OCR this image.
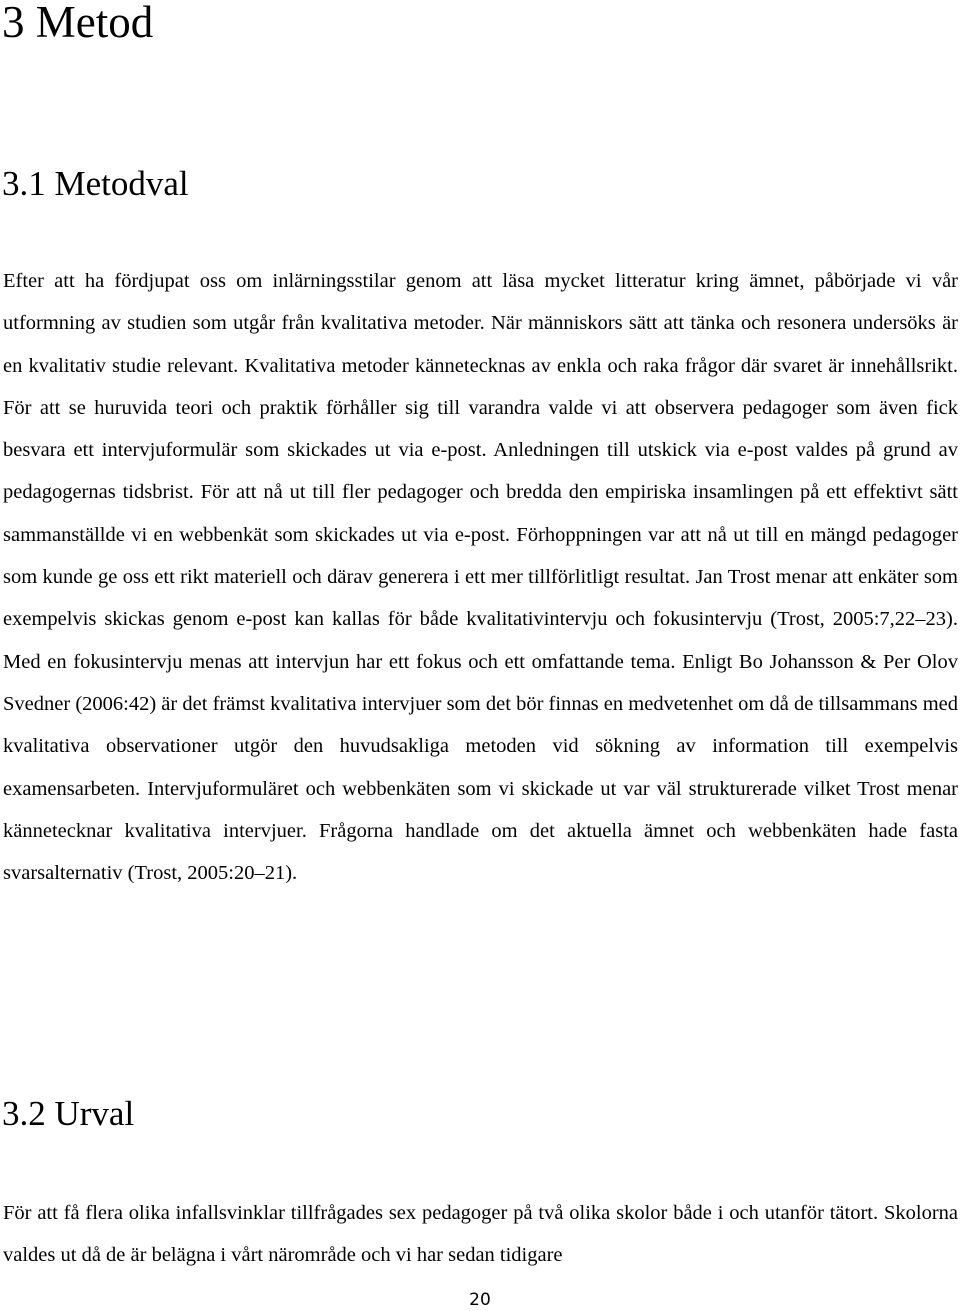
3 Metod
3.1 Metodval

Efter att ha fördjupat oss om inlärningsstilar genom att läsa mycket litteratur kring ämnet, påbörjade vi vår utformning av studien som utgår från kvalitativa metoder. När människors sätt att tänka och resonera undersöks är en kvalitativ studie relevant. Kvalitativa metoder kännetecknas av enkla och raka frågor där svaret är innehållsrikt. För att se huruvida teori och praktik förhåller sig till varandra valde vi att observera pedagoger som även fick besvara ett intervjuformulär som skickades ut via e-post. Anledningen till utskick via e-post valdes på grund av pedagogernas tidsbrist. För att nå ut till fler pedagoger och bredda den empiriska insamlingen på ett effektivt sätt sammanställde vi en webbenkät som skickades ut via e-post. Förhoppningen var att nå ut till en mängd pedagoger som kunde ge oss ett rikt materiell och därav generera i ett mer tillförlitligt resultat. Jan Trost menar att enkäter som exempelvis skickas genom e-post kan kallas för både kvalitativintervju och fokusintervju (Trost, 2005:7,22–23). Med en fokusintervju menas att intervjun har ett fokus och ett omfattande tema. Enligt Bo Johansson & Per Olov Svedner (2006:42) är det främst kvalitativa intervjuer som det bör finnas en medvetenhet om då de tillsammans med kvalitativa observationer utgör den huvudsakliga metoden vid sökning av information till exempelvis examensarbeten. Intervjuformuläret och webbenkäten som vi skickade ut var väl strukturerade vilket Trost menar kännetecknar kvalitativa intervjuer. Frågorna handlade om det aktuella ämnet och webbenkäten hade fasta svarsalternativ (Trost, 2005:20–21).

3.2 Urval

För att få flera olika infallsvinklar tillfrågades sex pedagoger på två olika skolor både i och utanför tätort. Skolorna valdes ut då de är belägna i vårt närområde och vi har sedan tidigare

20
